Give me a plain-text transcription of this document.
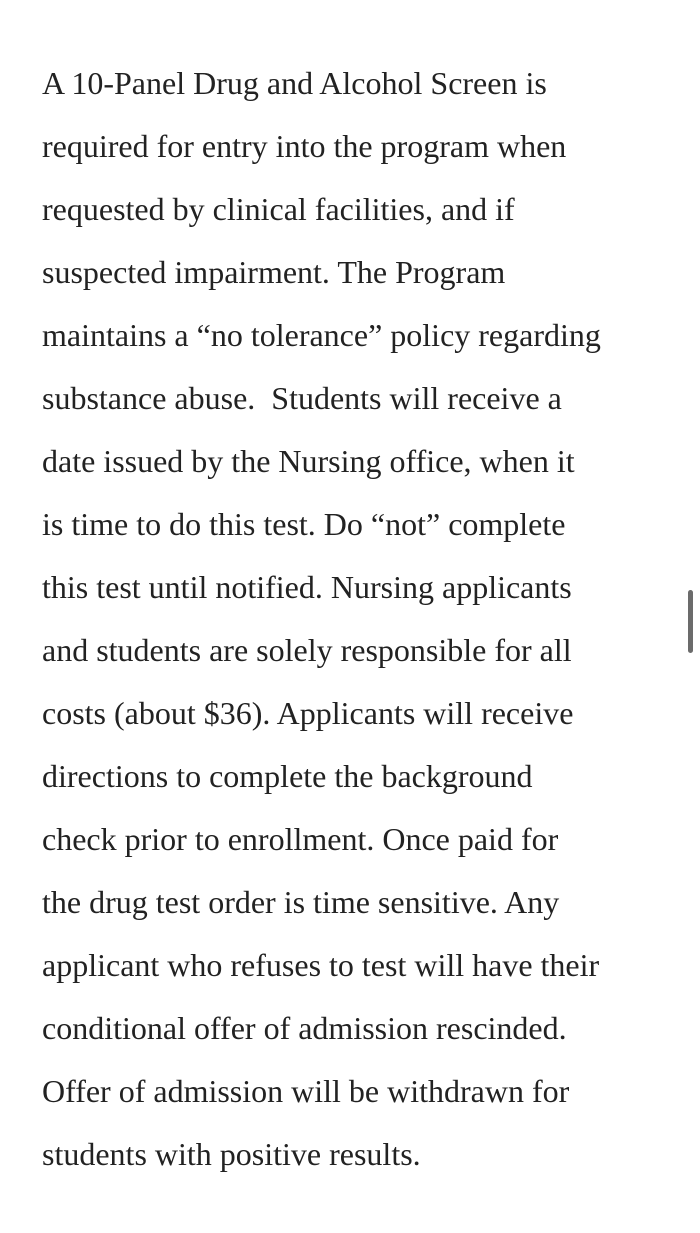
A 10-Panel Drug and Alcohol Screen is
required for entry into the program when
requested by clinical facilities, and if
suspected impairment. The Program
maintains a “no tolerance” policy regarding
substance abuse.  Students will receive a
date issued by the Nursing office, when it
is time to do this test. Do “not” complete
this test until notified. Nursing applicants
and students are solely responsible for all
costs (about $36). Applicants will receive
directions to complete the background
check prior to enrollment. Once paid for
the drug test order is time sensitive. Any
applicant who refuses to test will have their
conditional offer of admission rescinded.
Offer of admission will be withdrawn for
students with positive results.
